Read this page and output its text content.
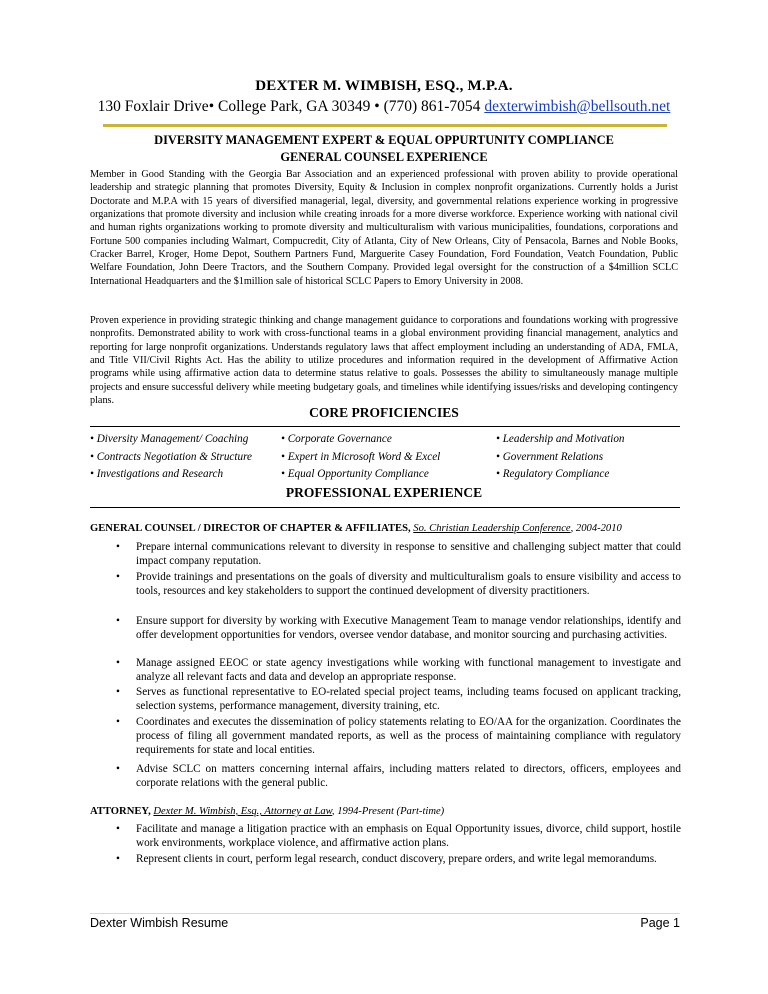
DEXTER M. WIMBISH, ESQ., M.P.A.
130 Foxlair Drive• College Park, GA 30349 • (770) 861-7054 dexterwimbish@bellsouth.net
DIVERSITY MANAGEMENT EXPERT & EQUAL OPPURTUNITY COMPLIANCE
GENERAL COUNSEL EXPERIENCE
Member in Good Standing with the Georgia Bar Association and an experienced professional with proven ability to provide operational leadership and strategic planning that promotes Diversity, Equity & Inclusion in complex nonprofit organizations. Currently holds a Jurist Doctorate and M.P.A with 15 years of diversified managerial, legal, diversity, and governmental relations experience working in progressive organizations that promote diversity and inclusion while creating inroads for a more diverse workforce. Experience working with national civil and human rights organizations working to promote diversity and multiculturalism with various municipalities, foundations, corporations and Fortune 500 companies including Walmart, Compucredit, City of Atlanta, City of New Orleans, City of Pensacola, Barnes and Noble Books, Cracker Barrel, Kroger, Home Depot, Southern Partners Fund, Marguerite Casey Foundation, Ford Foundation, Veatch Foundation, Public Welfare Foundation, John Deere Tractors, and the Southern Company. Provided legal oversight for the construction of a $4million SCLC International Headquarters and the $1million sale of historical SCLC Papers to Emory University in 2008.
Proven experience in providing strategic thinking and change management guidance to corporations and foundations working with progressive nonprofits. Demonstrated ability to work with cross-functional teams in a global environment providing financial management, analytics and reporting for large nonprofit organizations. Understands regulatory laws that affect employment including an understanding of ADA, FMLA, and Title VII/Civil Rights Act. Has the ability to utilize procedures and information required in the development of Affirmative Action programs while using affirmative action data to determine status relative to goals. Possesses the ability to simultaneously manage multiple projects and ensure successful delivery while meeting budgetary goals, and timelines while identifying issues/risks and developing contingency plans.
CORE PROFICIENCIES
• Diversity Management/ Coaching	• Corporate Governance	• Leadership and Motivation
• Contracts Negotiation & Structure	• Expert in Microsoft Word & Excel	• Government Relations
• Investigations and Research	• Equal Opportunity Compliance	• Regulatory Compliance
PROFESSIONAL EXPERIENCE
GENERAL COUNSEL / DIRECTOR OF CHAPTER & AFFILIATES, So. Christian Leadership Conference, 2004-2010
• Prepare internal communications relevant to diversity in response to sensitive and challenging subject matter that could impact company reputation.
• Provide trainings and presentations on the goals of diversity and multiculturalism goals to ensure visibility and access to tools, resources and key stakeholders to support the continued development of diversity practitioners.
• Ensure support for diversity by working with Executive Management Team to manage vendor relationships, identify and offer development opportunities for vendors, oversee vendor database, and monitor sourcing and purchasing activities.
• Manage assigned EEOC or state agency investigations while working with functional management to investigate and analyze all relevant facts and data and develop an appropriate response.
• Serves as functional representative to EO-related special project teams, including teams focused on applicant tracking, selection systems, performance management, diversity training, etc.
• Coordinates and executes the dissemination of policy statements relating to EO/AA for the organization. Coordinates the process of filing all government mandated reports, as well as the process of maintaining compliance with regulatory requirements for state and local entities.
• Advise SCLC on matters concerning internal affairs, including matters related to directors, officers, employees and corporate relations with the general public.
ATTORNEY, Dexter M. Wimbish, Esq., Attorney at Law, 1994-Present (Part-time)
• Facilitate and manage a litigation practice with an emphasis on Equal Opportunity issues, divorce, child support, hostile work environments, workplace violence, and affirmative action plans.
• Represent clients in court, perform legal research, conduct discovery, prepare orders, and write legal memorandums.
Dexter Wimbish Resume	Page 1
